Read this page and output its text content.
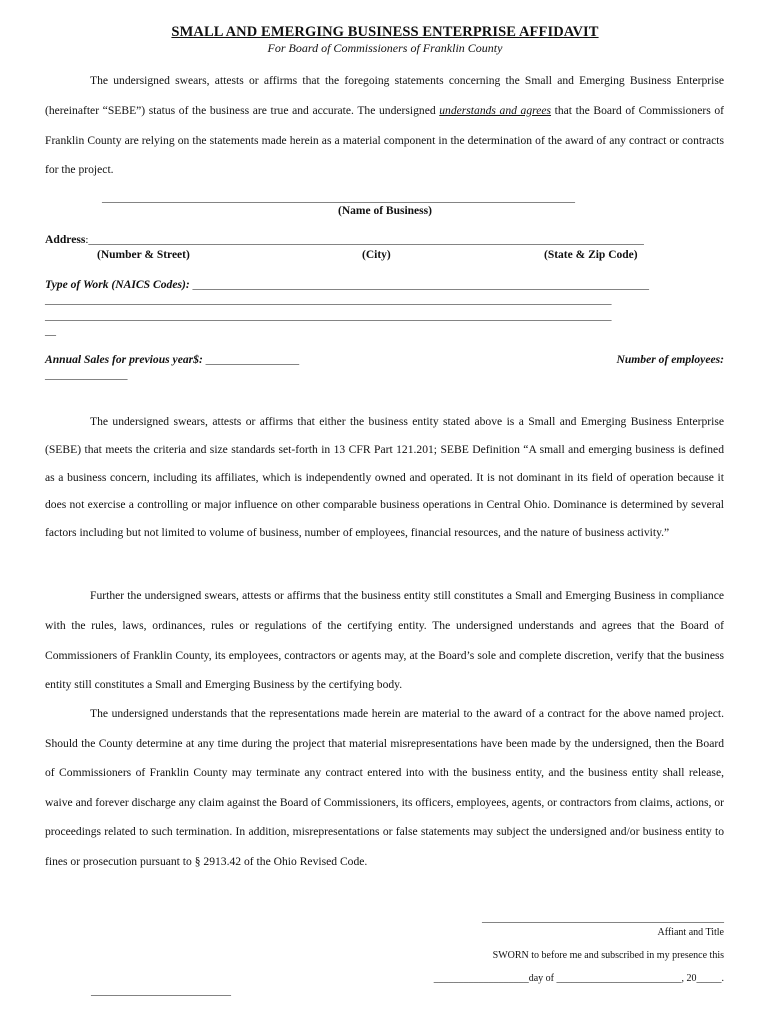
SMALL AND EMERGING BUSINESS ENTERPRISE AFFIDAVIT
For Board of Commissioners of Franklin County

The undersigned swears, attests or affirms that the foregoing statements concerning the Small and Emerging Business Enterprise (hereinafter “SEBE”) status of the business are true and accurate. The undersigned understands and agrees that the Board of Commissioners of Franklin County are relying on the statements made herein as a material component in the determination of the award of any contract or contracts for the project.

______________________________________________________________________________________
(Name of Business)
Address:_____________________________________________________________________________________________________
(Number & Street)	(City)	(State & Zip Code)
Type of Work (NAICS Codes): ___________________________________________________________________________________
_______________________________________________________________________________________________________
_______________________________________________________________________________________________________
__
Annual Sales for previous year$: _________________	Number of employees:
_______________

The undersigned swears, attests or affirms that either the business entity stated above is a Small and Emerging Business Enterprise (SEBE) that meets the criteria and size standards set-forth in 13 CFR Part 121.201; SEBE Definition “A small and emerging business is defined as a business concern, including its affiliates, which is independently owned and operated. It is not dominant in its field of operation because it does not exercise a controlling or major influence on other comparable business operations in Central Ohio. Dominance is determined by several factors including but not limited to volume of business, number of employees, financial resources, and the nature of business activity.”

Further the undersigned swears, attests or affirms that the business entity still constitutes a Small and Emerging Business in compliance with the rules, laws, ordinances, rules or regulations of the certifying entity. The undersigned understands and agrees that the Board of Commissioners of Franklin County, its employees, contractors or agents may, at the Board’s sole and complete discretion, verify that the business entity still constitutes a Small and Emerging Business by the certifying body.

The undersigned understands that the representations made herein are material to the award of a contract for the above named project. Should the County determine at any time during the project that material misrepresentations have been made by the undersigned, then the Board of Commissioners of Franklin County may terminate any contract entered into with the business entity, and the business entity shall release, waive and forever discharge any claim against the Board of Commissioners, its officers, employees, agents, or contractors from claims, actions, or proceedings related to such termination. In addition, misrepresentations or false statements may subject the undersigned and/or business entity to fines or prosecution pursuant to § 2913.42 of the Ohio Revised Code.

____________________________________________
Affiant and Title
SWORN to before me and subscribed in my presence this
___________________day of _________________________, 20_____.
____________________________
